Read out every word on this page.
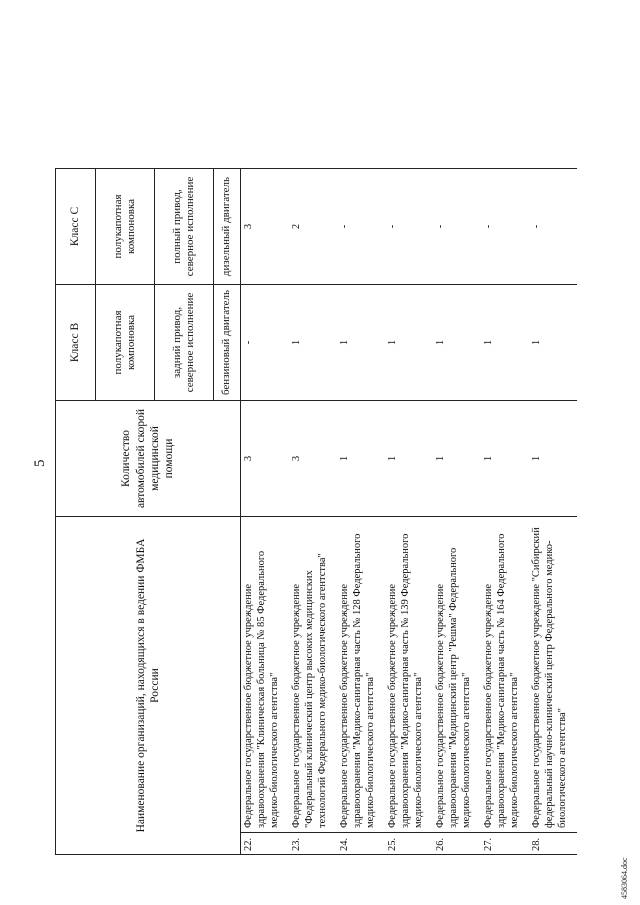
5
Наименование организаций, находящихся в ведении ФМБА России		Количество автомобилей скорой медицинской помощи	Класс В	Класс С
			полукапотная компоновка	полукапотная компоновка
			задний привод, северное исполнение	полный привод, северное исполнение
			бензиновый двигатель	дизельный двигатель
22.	Федеральное государственное бюджетное учреждение здравоохранения "Клиническая больница № 85 Федерального медико-биологического агентства"	3	-	3
23.	Федеральное государственное бюджетное учреждение "Федеральный клинический центр высоких медицинских технологий Федерального медико-биологического агентства"	3	1	2
24.	Федеральное государственное бюджетное учреждение здравоохранения "Медико-санитарная часть № 128 Федерального медико-биологического агентства"	1	1	-
25.	Федеральное государственное бюджетное учреждение здравоохранения "Медико-санитарная часть № 139 Федерального медико-биологического агентства"	1	1	-
26.	Федеральное государственное бюджетное учреждение здравоохранения "Медицинский центр "Решма" Федерального медико-биологического агентства"	1	1	-
27.	Федеральное государственное бюджетное учреждение здравоохранения "Медико-санитарная часть № 164 Федерального медико-биологического агентства"	1	1	-
28.	Федеральное государственное бюджетное учреждение "Сибирский федеральный научно-клинический центр Федерального медико-биологического агентства"	1	1	-
4583064.doc
